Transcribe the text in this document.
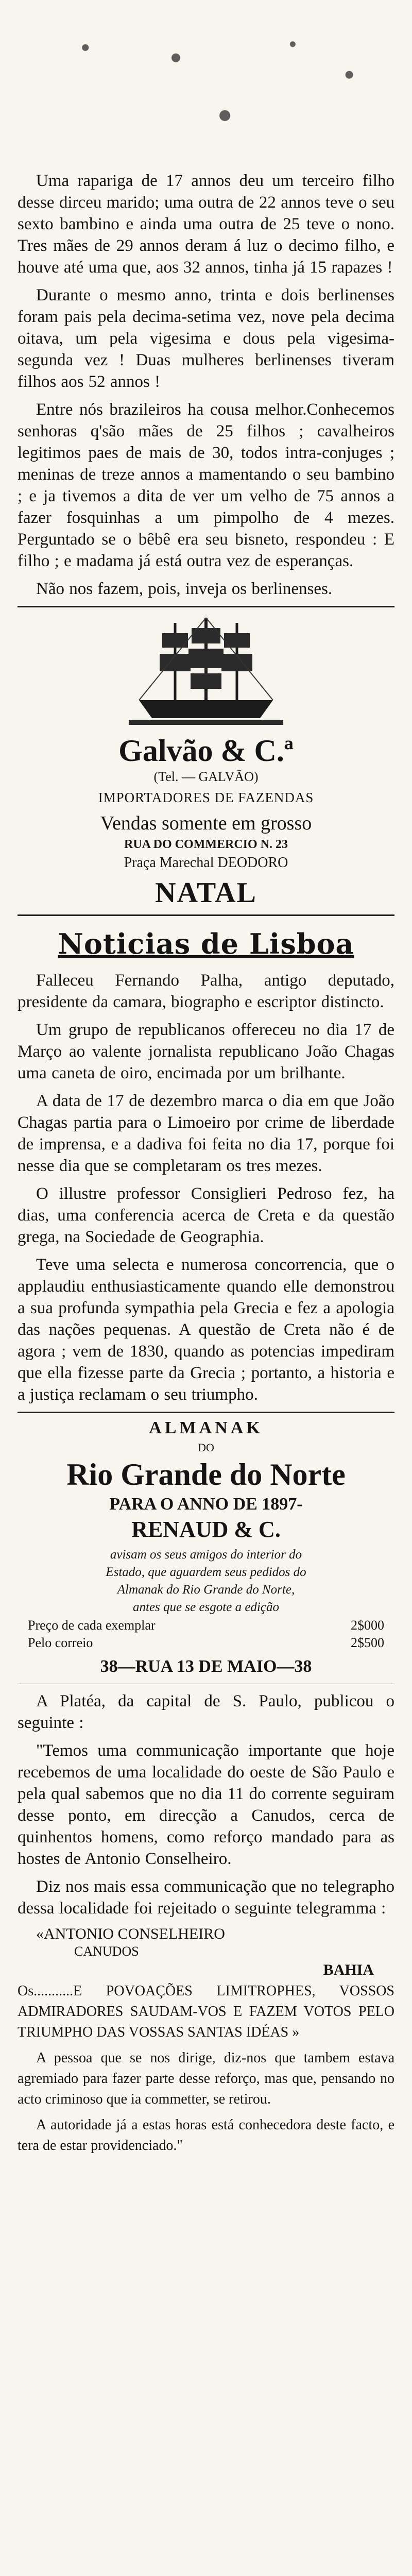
Uma rapariga de 17 annos deu um terceiro filho desse dirceu marido; uma outra de 22 annos teve o seu sexto bambino e ainda uma outra de 25 teve o nono. Tres mães de 29 annos deram á luz o decimo filho, e houve até uma que, aos 32 annos, tinha já 15 rapazes !

Durante o mesmo anno, trinta e dois berlinenses foram pais pela decima-setima vez, nove pela decima oitava, um pela vigesima e dous pela vigesima-segunda vez ! Duas mulheres berlinenses tiveram filhos aos 52 annos !

Entre nós brazileiros ha cousa melhor.Conhecemos senhoras q'são mães de 25 filhos ; cavalheiros legitimos paes de mais de 30, todos intra-conjuges ; meninas de treze annos a mamentando o seu bambino ; e ja tivemos a dita de ver um velho de 75 annos a fazer fosquinhas a um pimpolho de 4 mezes. Perguntado se o bêbê era seu bisneto, respondeu : E filho ; e madama já está outra vez de esperanças.

Não nos fazem, pois, inveja os berlinenses.

Galvão & C.ª
(Tel. — GALVÃO)
IMPORTADORES DE FAZENDAS
Vendas somente em grosso
RUA DO COMMERCIO N. 23
Praça Marechal DEODORO
NATAL
Noticias de Lisboa

Falleceu Fernando Palha, antigo deputado, presidente da camara, biographo e escriptor distincto.

Um grupo de republicanos offereceu no dia 17 de Março ao valente jornalista republicano João Chagas uma caneta de oiro, encimada por um brilhante.

A data de 17 de dezembro marca o dia em que João Chagas partia para o Limoeiro por crime de liberdade de imprensa, e a dadiva foi feita no dia 17, porque foi nesse dia que se completaram os tres mezes.

O illustre professor Consiglieri Pedroso fez, ha dias, uma conferencia acerca de Creta e da questão grega, na Sociedade de Geographia.

Teve uma selecta e numerosa concorrencia, que o applaudiu enthusiasticamente quando elle demonstrou a sua profunda sympathia pela Grecia e fez a apologia das nações pequenas. A questão de Creta não é de agora ; vem de 1830, quando as potencias impediram que ella fizesse parte da Grecia ; portanto, a historia e a justiça reclamam o seu triumpho.

ALMANAK
DO
Rio Grande do Norte
PARA O ANNO DE 1897-
RENAUD & C.
avisam os seus amigos do interior do
Estado, que aguardem seus pedidos do
Almanak do Rio Grande do Norte,
antes que se esgote a edição
Preço de cada exemplar	2$000
Pelo correio	2$500
38—RUA 13 DE MAIO—38

A Platéa, da capital de S. Paulo, publicou o seguinte :

"Temos uma communicação importante que hoje recebemos de uma localidade do oeste de São Paulo e pela qual sabemos que no dia 11 do corrente seguiram desse ponto, em direcção a Canudos, cerca de quinhentos homens, como reforço mandado para as hostes de Antonio Conselheiro.

Diz nos mais essa communicação que no telegrapho dessa localidade foi rejeitado o seguinte telegramma :

«ANTONIO CONSELHEIRO
CANUDOS
BAHIA

Os...........E POVOAÇÕES LIMITROPHES, VOSSOS ADMIRADORES SAUDAM-VOS E FAZEM VOTOS PELO TRIUMPHO DAS VOSSAS SANTAS IDÉAS »

A pessoa que se nos dirige, diz-nos que tambem estava agremiado para fazer parte desse reforço, mas que, pensando no acto criminoso que ia commetter, se retirou.

A autoridade já a estas horas está conhecedora deste facto, e tera de estar providenciado."
